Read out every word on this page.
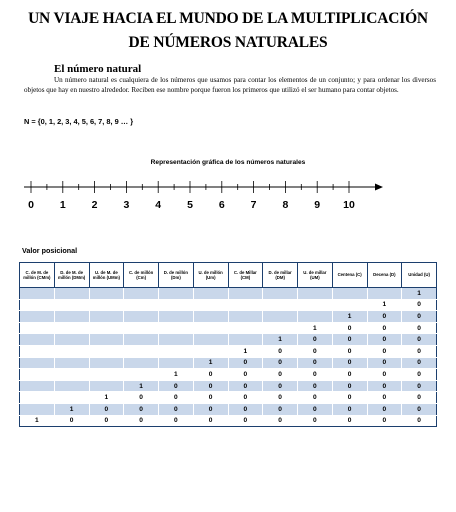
UN VIAJE HACIA EL MUNDO DE LA MULTIPLICACIÓN
DE NÚMEROS NATURALES
El número natural
Un número natural es cualquiera de los números que usamos para contar los elementos de un conjunto; y para ordenar los diversos objetos que hay en nuestro alrededor. Reciben ese nombre porque fueron los primeros que utilizó el ser humano para contar objetos.
N = {0, 1, 2, 3, 4, 5, 6, 7, 8, 9 … }
Representación gráfica de los números naturales
0 1 2 3 4 5 6 7 8 9 10
Valor posicional
C. de M. de millón (CMm)	D. de M. de millón (DMm)	U. de M. de millón (UMm)	C. de millón (Cm)	D. de millón (Dm)	U. de millón (Um)	C. de Millar (CM)	D. de millar (DM)	U. de millar (UM)	Centena (C)	Decena (D)	Unidad (U)
											1
										1	0
									1	0	0
								1	0	0	0
							1	0	0	0	0
						1	0	0	0	0	0
					1	0	0	0	0	0	0
				1	0	0	0	0	0	0	0
			1	0	0	0	0	0	0	0	0
		1	0	0	0	0	0	0	0	0	0
	1	0	0	0	0	0	0	0	0	0	0
1	0	0	0	0	0	0	0	0	0	0	0
